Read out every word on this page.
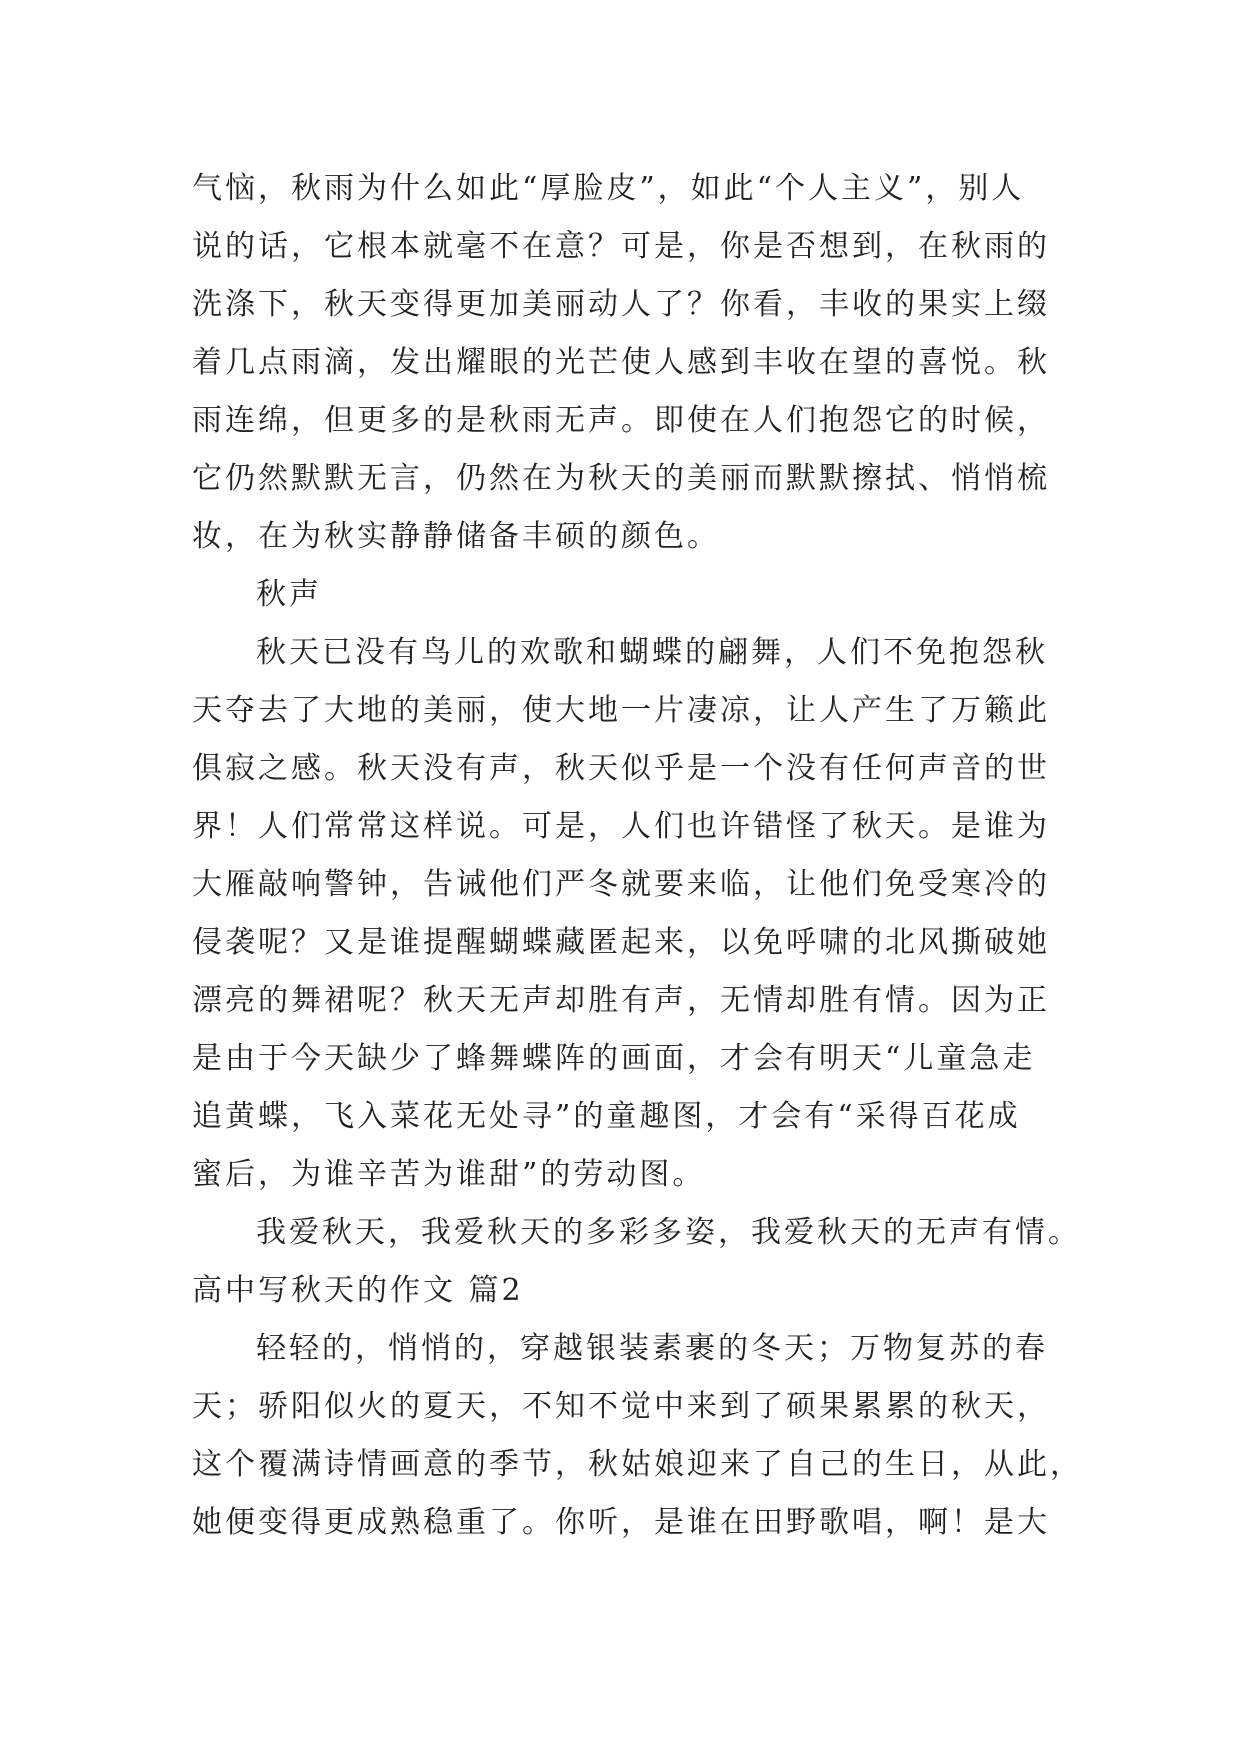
气恼，秋雨为什么如此“厚脸皮”，如此“个人主义”，别人
说的话，它根本就毫不在意？可是，你是否想到，在秋雨的
洗涤下，秋天变得更加美丽动人了？你看，丰收的果实上缀
着几点雨滴，发出耀眼的光芒使人感到丰收在望的喜悦。秋
雨连绵，但更多的是秋雨无声。即使在人们抱怨它的时候，
它仍然默默无言，仍然在为秋天的美丽而默默擦拭、悄悄梳
妆，在为秋实静静储备丰硕的颜色。
秋声
秋天已没有鸟儿的欢歌和蝴蝶的翩舞，人们不免抱怨秋
天夺去了大地的美丽，使大地一片凄凉，让人产生了万籁此
俱寂之感。秋天没有声，秋天似乎是一个没有任何声音的世
界！人们常常这样说。可是，人们也许错怪了秋天。是谁为
大雁敲响警钟，告诫他们严冬就要来临，让他们免受寒冷的
侵袭呢？又是谁提醒蝴蝶藏匿起来，以免呼啸的北风撕破她
漂亮的舞裙呢？秋天无声却胜有声，无情却胜有情。因为正
是由于今天缺少了蜂舞蝶阵的画面，才会有明天“儿童急走
追黄蝶，飞入菜花无处寻”的童趣图，才会有“采得百花成
蜜后，为谁辛苦为谁甜”的劳动图。
我爱秋天，我爱秋天的多彩多姿，我爱秋天的无声有情。
高中写秋天的作文 篇2
轻轻的，悄悄的，穿越银装素裹的冬天；万物复苏的春
天；骄阳似火的夏天，不知不觉中来到了硕果累累的秋天，
这个覆满诗情画意的季节，秋姑娘迎来了自己的生日，从此，
她便变得更成熟稳重了。你听，是谁在田野歌唱，啊！是大
